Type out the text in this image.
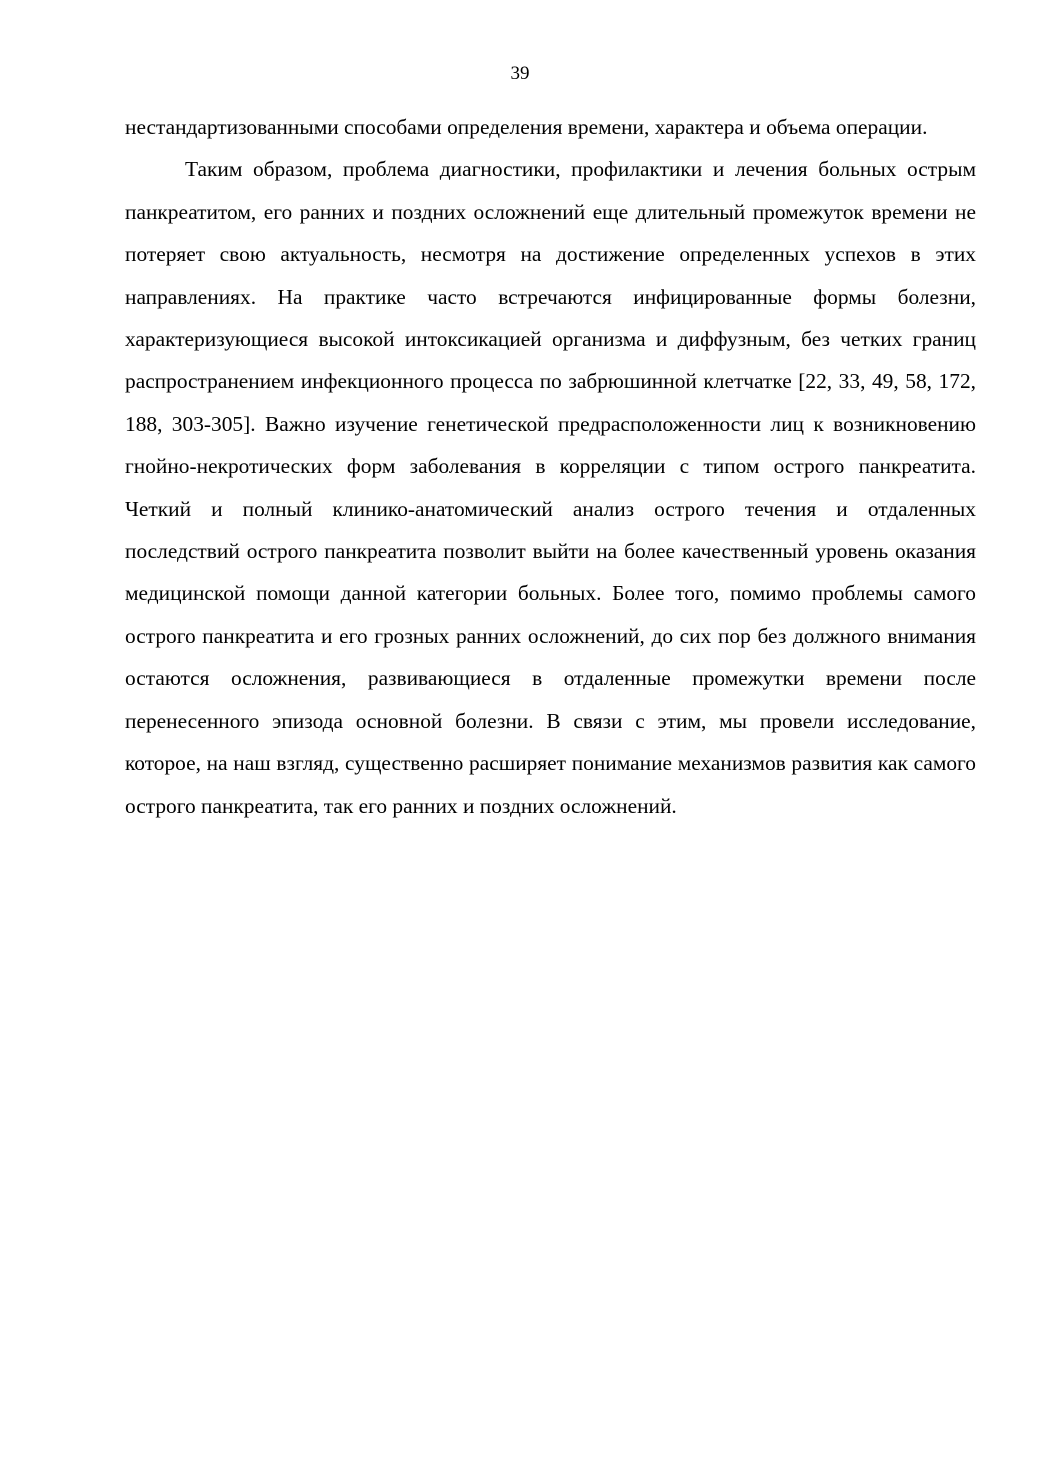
39

нестандартизованными способами определения времени, характера и объема операции.

Таким образом, проблема диагностики, профилактики и лечения больных острым панкреатитом, его ранних и поздних осложнений еще длительный промежуток времени не потеряет свою актуальность, несмотря на достижение определенных успехов в этих направлениях. На практике часто встречаются инфицированные формы болезни, характеризующиеся высокой интоксикацией организма и диффузным, без четких границ распространением инфекционного процесса по забрюшинной клетчатке [22, 33, 49, 58, 172, 188, 303-305]. Важно изучение генетической предрасположенности лиц к возникновению гнойно-некротических форм заболевания в корреляции с типом острого панкреатита. Четкий и полный клинико-анатомический анализ острого течения и отдаленных последствий острого панкреатита позволит выйти на более качественный уровень оказания медицинской помощи данной категории больных. Более того, помимо проблемы самого острого панкреатита и его грозных ранних осложнений, до сих пор без должного внимания остаются осложнения, развивающиеся в отдаленные промежутки времени после перенесенного эпизода основной болезни. В связи с этим, мы провели исследование, которое, на наш взгляд, существенно расширяет понимание механизмов развития как самого острого панкреатита, так его ранних и поздних осложнений.
